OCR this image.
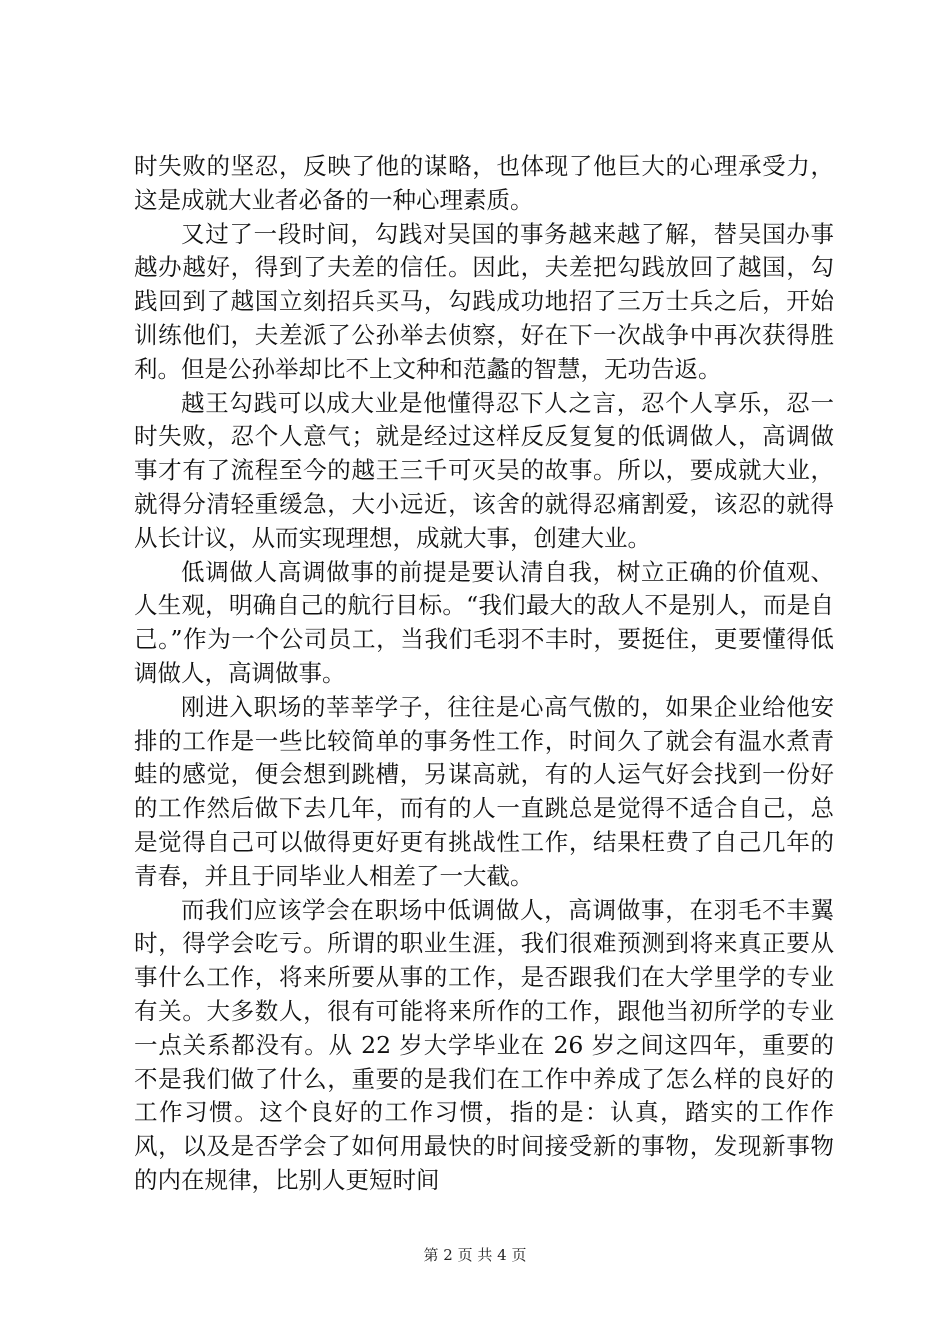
时失败的坚忍，反映了他的谋略，也体现了他巨大的心理承受力，这是成就大业者必备的一种心理素质。

又过了一段时间，勾践对吴国的事务越来越了解，替吴国办事越办越好，得到了夫差的信任。因此，夫差把勾践放回了越国，勾践回到了越国立刻招兵买马，勾践成功地招了三万士兵之后，开始训练他们，夫差派了公孙举去侦察，好在下一次战争中再次获得胜利。但是公孙举却比不上文种和范蠡的智慧，无功告返。

越王勾践可以成大业是他懂得忍下人之言，忍个人享乐，忍一时失败，忍个人意气；就是经过这样反反复复的低调做人，高调做事才有了流程至今的越王三千可灭吴的故事。所以，要成就大业，就得分清轻重缓急，大小远近，该舍的就得忍痛割爱，该忍的就得从长计议，从而实现理想，成就大事，创建大业。

低调做人高调做事的前提是要认清自我，树立正确的价值观、人生观，明确自己的航行目标。“我们最大的敌人不是别人，而是自己。”作为一个公司员工，当我们毛羽不丰时，要挺住，更要懂得低调做人，高调做事。

刚进入职场的莘莘学子，往往是心高气傲的，如果企业给他安排的工作是一些比较简单的事务性工作，时间久了就会有温水煮青蛙的感觉，便会想到跳槽，另谋高就，有的人运气好会找到一份好的工作然后做下去几年，而有的人一直跳总是觉得不适合自己，总是觉得自己可以做得更好更有挑战性工作，结果枉费了自己几年的青春，并且于同毕业人相差了一大截。

而我们应该学会在职场中低调做人，高调做事，在羽毛不丰翼时，得学会吃亏。所谓的职业生涯，我们很难预测到将来真正要从事什么工作，将来所要从事的工作，是否跟我们在大学里学的专业有关。大多数人，很有可能将来所作的工作，跟他当初所学的专业一点关系都没有。从 22 岁大学毕业在 26 岁之间这四年，重要的不是我们做了什么，重要的是我们在工作中养成了怎么样的良好的工作习惯。这个良好的工作习惯，指的是：认真，踏实的工作作风，以及是否学会了如何用最快的时间接受新的事物，发现新事物的内在规律，比别人更短时间

第 2 页 共 4 页
